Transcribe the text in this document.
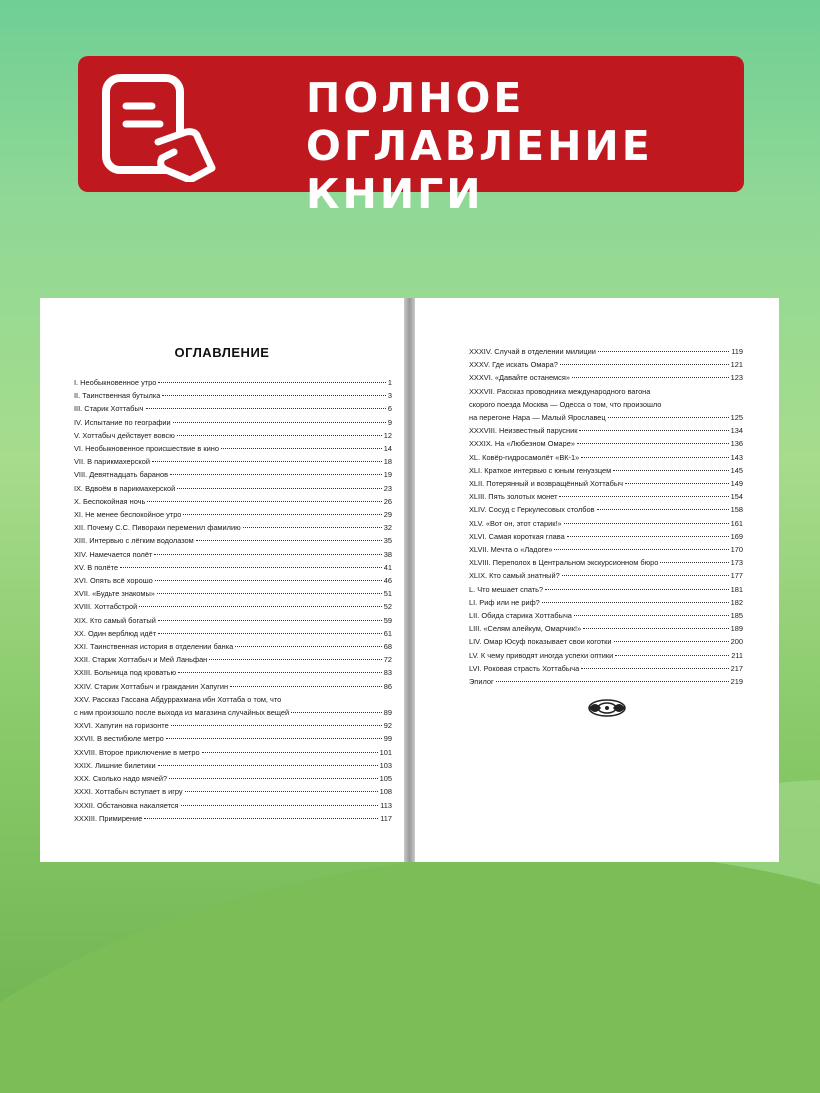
ПОЛНОЕ
ОГЛАВЛЕНИЕ КНИГИ
ОГЛАВЛЕНИЕ
I. Необыкновенное утро	1
II. Таинственная бутылка	3
III. Старик Хоттабыч	6
IV. Испытание по географии	9
V. Хоттабыч действует вовсю	12
VI. Необыкновенное происшествие в кино	14
VII. В парикмахерской	18
VIII. Девятнадцать баранов	19
IX. Вдвоём в парикмахерской	23
X. Беспокойная ночь	26
XI. Не менее беспокойное утро	29
XII. Почему С.С. Пивораки переменил фамилию	32
XIII. Интервью с лёгким водолазом	35
XIV. Намечается полёт	38
XV. В полёте	41
XVI. Опять всё хорошо	46
XVII. «Будьте знакомы»	51
XVIII. Хоттабстрой	52
XIX. Кто самый богатый	59
XX. Один верблюд идёт	61
XXI. Таинственная история в отделении банка	68
XXII. Старик Хоттабыч и Мей Ланьфан	72
XXIII. Больница под кроватью	83
XXIV. Старик Хоттабыч и гражданин Хапугин	86
XXV. Рассказ Гассана Абдуррахмана ибн Хоттаба о том, что
с ним произошло после выхода из магазина случайных вещей	89
XXVI. Хапугин на горизонте	92
XXVII. В вестибюле метро	99
XXVIII. Второе приключение в метро	101
XXIX. Лишние билетики	103
XXX. Сколько надо мячей?	105
XXXI. Хоттабыч вступает в игру	108
XXXII. Обстановка накаляется	113
XXXIII. Примирение	117
XXXIV. Случай в отделении милиции	119
XXXV. Где искать Омара?	121
XXXVI. «Давайте останемся»	123
XXXVII. Рассказ проводника международного вагона
скорого поезда Москва — Одесса о том, что произошло
на перегоне Нара — Малый Ярославец	125
XXXVIII. Неизвестный парусник	134
XXXIX. На «Любезном Омаре»	136
XL. Ковёр-гидросамолёт «ВК-1»	143
XLI. Краткое интервью с юным генуэзцем	145
XLII. Потерянный и возвращённый Хоттабыч	149
XLIII. Пять золотых монет	154
XLIV. Сосуд с Геркулесовых столбов	158
XLV. «Вот он, этот старик!»	161
XLVI. Самая короткая глава	169
XLVII. Мечта о «Ладоге»	170
XLVIII. Переполох в Центральном экскурсионном бюро	173
XLIX. Кто самый знатный?	177
L. Что мешает спать?	181
LI. Риф или не риф?	182
LII. Обида старика Хоттабыча	185
LIII. «Селям алейкум, Омарчик!»	189
LIV. Омар Юсуф показывает свои коготки	200
LV. К чему приводят иногда успехи оптики	211
LVI. Роковая страсть Хоттабыча	217
Эпилог	219
